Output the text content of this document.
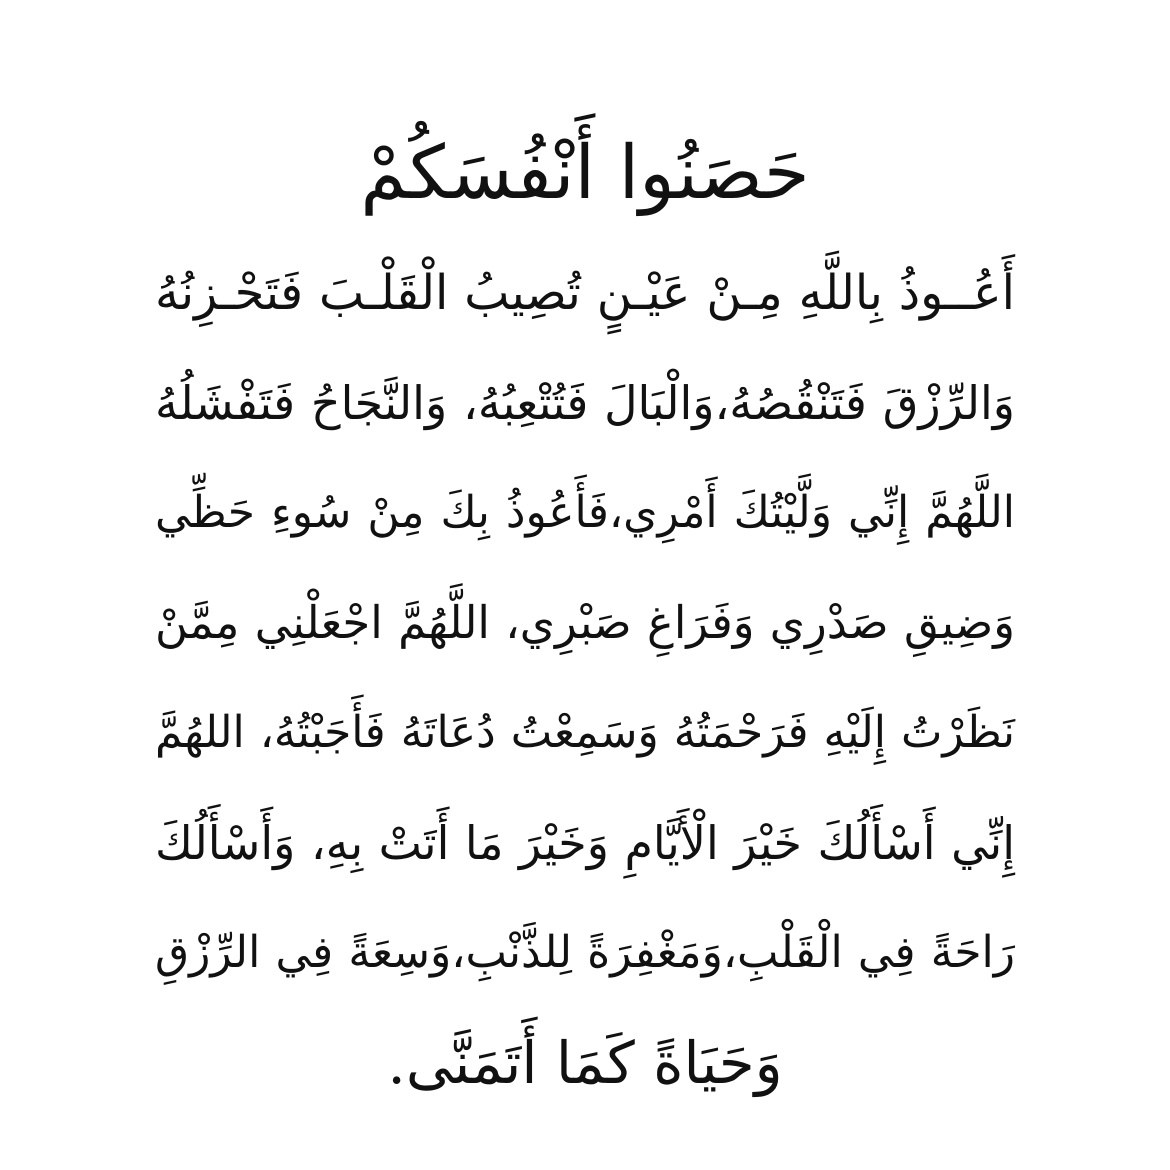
حَصَنُوا أَنْفُسَكُمْ
أَعُــوذُ بِاللَّهِ مِـنْ عَيْـنٍ تُصِيبُ الْقَلْـبَ فَتَحْـزِنُهُ
وَالرِّزْقَ فَتَنْقُصُهُ،وَالْبَالَ فَتُتْعِبُهُ، وَالنَّجَاحُ فَتَفْشَلُهُ
اللَّهُمَّ إِنِّي وَلَّيْتُكَ أَمْرِي،فَأَعُوذُ بِكَ مِنْ سُوءِ حَظِّي
وَضِيقِ صَدْرِي وَفَرَاغِ صَبْرِي، اللَّهُمَّ اجْعَلْنِي مِمَّنْ
نَظَرْتُ إِلَيْهِ فَرَحْمَتُهُ وَسَمِعْتُ دُعَاتَهُ فَأَجَبْتُهُ، اللهُمَّ
إِنِّي أَسْأَلُكَ خَيْرَ الْأَيَّامِ وَخَيْرَ مَا أَتَتْ بِهِ، وَأَسْأَلُكَ
رَاحَةً فِي الْقَلْبِ،وَمَغْفِرَةً لِلذَّنْبِ،وَسِعَةً فِي الرِّزْقِ
وَحَيَاةً كَمَا أَتَمَنَّى.
